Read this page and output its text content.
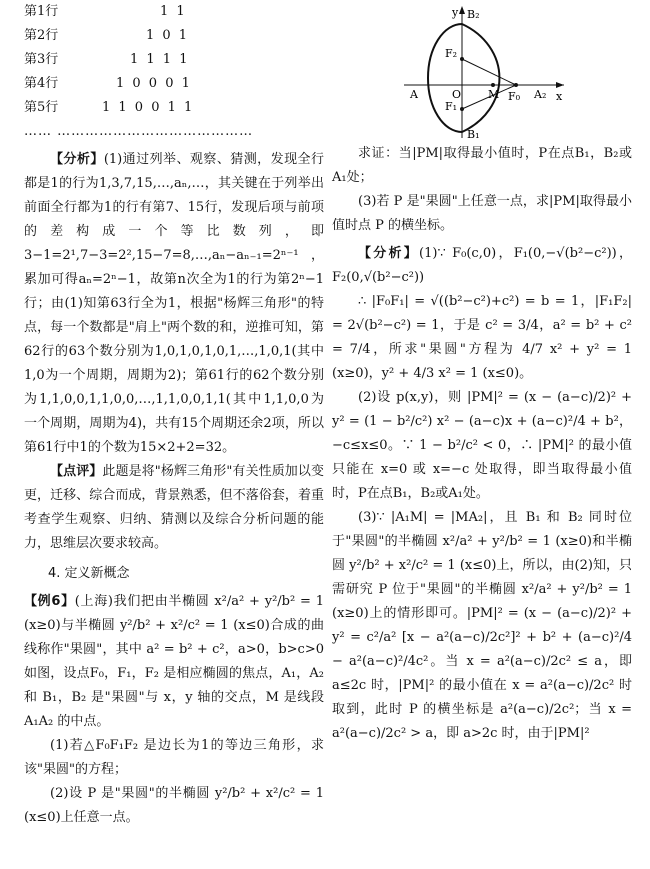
第1行	1 1
第2行	1 0 1
第3行	1 1 1 1
第4行	1 0 0 0 1
第5行	1 1 0 0 1 1
…… ……………………………………

【分析】(1)通过列举、观察、猜测，发现全行都是1的行为1,3,7,15,…,aₙ,…，其关键在于列举出前面全行都为1的行有第7、15行，发现后项与前项的差构成一个等比数列，即3−1=2¹,7−3=2²,15−7=8,…,aₙ−aₙ₋₁=2ⁿ⁻¹，累加可得aₙ=2ⁿ−1，故第n次全为1的行为第2ⁿ−1行；由(1)知第63行全为1，根据"杨辉三角形"的特点，每一个数都是"肩上"两个数的和，逆推可知，第62行的63个数分别为1,0,1,0,1,0,1,…,1,0,1(其中1,0为一个周期，周期为2)；第61行的62个数分别为1,1,0,0,1,1,0,0,…,1,1,0,0,1,1(其中1,1,0,0为一个周期，周期为4)，共有15个周期还余2项，所以第61行中1的个数为15×2+2=32。

【点评】此题是将"杨辉三角形"有关性质加以变更，迁移、综合而成，背景熟悉，但不落俗套，着重考查学生观察、归纳、猜测以及综合分析问题的能力，思维层次要求较高。

4. 定义新概念

【例6】(上海)我们把由半椭圆 x²/a² + y²/b² = 1 (x≥0)与半椭圆 y²/b² + x²/c² = 1 (x≤0)合成的曲线称作"果圆"，其中 a² = b² + c²，a>0，b>c>0 如图，设点F₀，F₁，F₂ 是相应椭圆的焦点，A₁，A₂ 和 B₁，B₂ 是"果圆"与 x，y 轴的交点，M 是线段 A₁A₂ 的中点。

(1)若△F₀F₁F₂ 是边长为1的等边三角形，求该"果圆"的方程；

(2)设 P 是"果圆"的半椭圆 y²/b² + x²/c² = 1 (x≤0)上任意一点。

y
x
B₂
B₁
F₂
F₁
F₀
O M
A	A₂

求证：当|PM|取得最小值时，P在点B₁，B₂或A₁处；

(3)若 P 是"果圆"上任意一点，求|PM|取得最小值时点 P 的横坐标。

【分析】(1)∵ F₀(c,0)，F₁(0,−√(b²−c²))，F₂(0,√(b²−c²))

∴ |F₀F₁| = √((b²−c²)+c²) = b = 1，|F₁F₂| = 2√(b²−c²) = 1，于是 c² = 3/4，a² = b² + c² = 7/4，所求"果圆"方程为 4/7 x² + y² = 1 (x≥0)，y² + 4/3 x² = 1 (x≤0)。

(2)设 p(x,y)，则 |PM|² = (x − (a−c)/2)² + y² = (1 − b²/c²) x² − (a−c)x + (a−c)²/4 + b²，−c≤x≤0。∵ 1 − b²/c² < 0，∴ |PM|² 的最小值只能在 x=0 或 x=−c 处取得，即当取得最小值时，P在点B₁，B₂或A₁处。

(3)∵ |A₁M| = |MA₂|，且 B₁ 和 B₂ 同时位于"果圆"的半椭圆 x²/a² + y²/b² = 1 (x≥0)和半椭圆 y²/b² + x²/c² = 1 (x≤0)上，所以，由(2)知，只需研究 P 位于"果圆"的半椭圆 x²/a² + y²/b² = 1 (x≥0)上的情形即可。|PM|² = (x − (a−c)/2)² + y² = c²/a² [x − a²(a−c)/2c²]² + b² + (a−c)²/4 − a²(a−c)²/4c²。当 x = a²(a−c)/2c² ≤ a，即 a≤2c 时，|PM|² 的最小值在 x = a²(a−c)/2c² 时取到，此时 P 的横坐标是 a²(a−c)/2c²；当 x = a²(a−c)/2c² > a，即 a>2c 时，由于|PM|²
